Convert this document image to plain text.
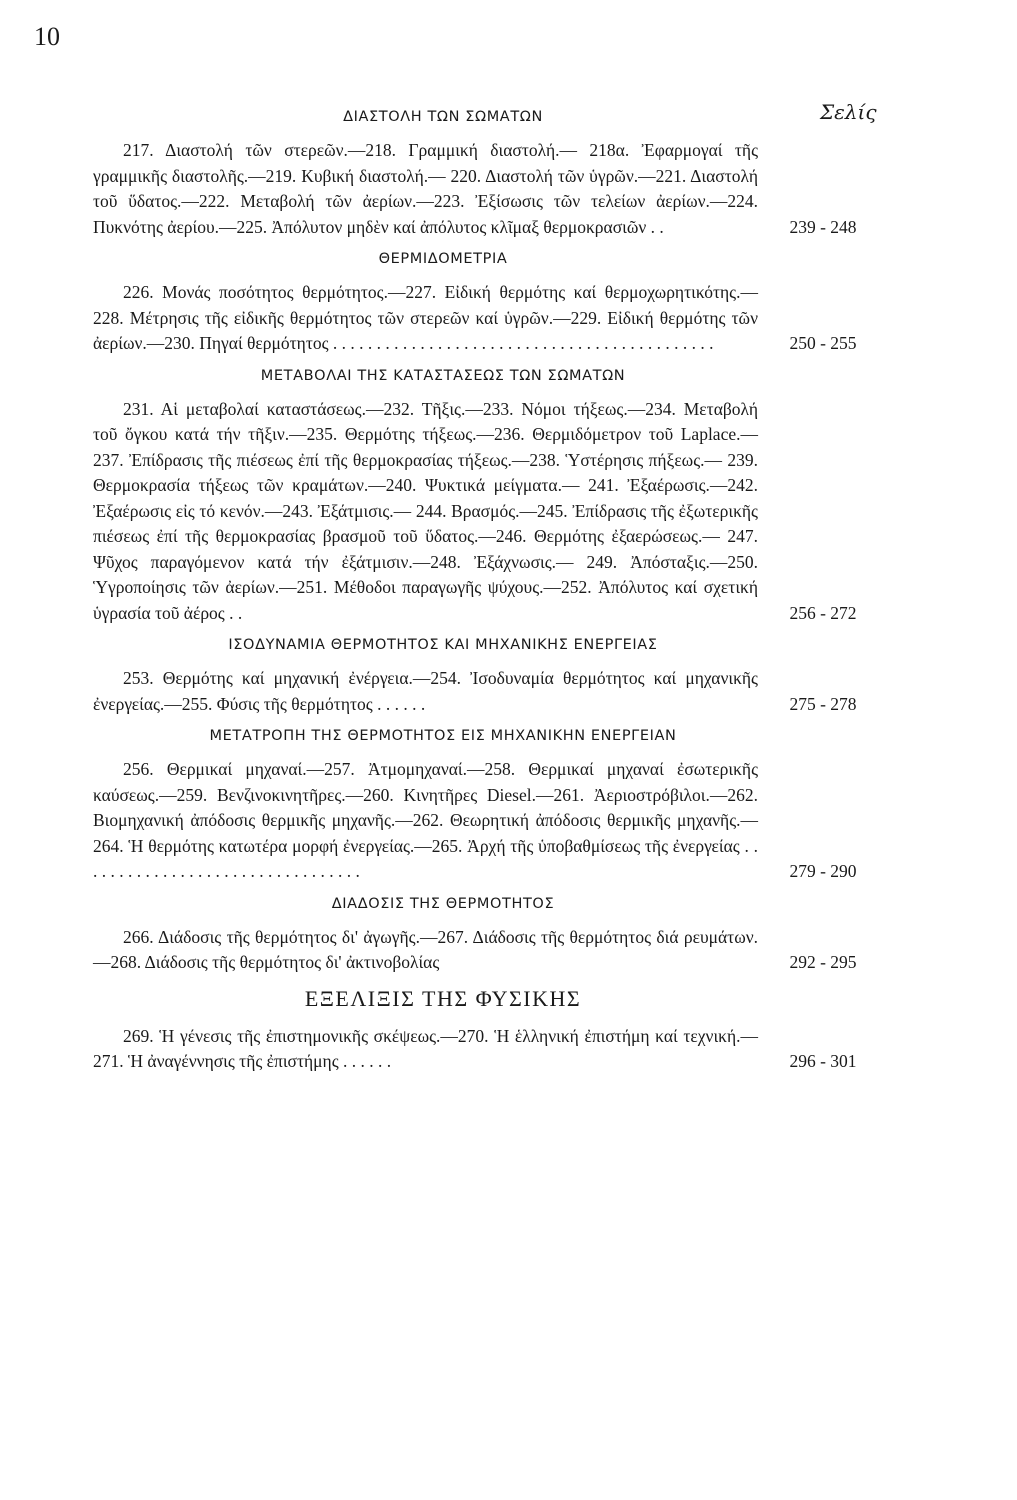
10
Σελίς
ΔΙΑΣΤΟΛΗ ΤΩΝ ΣΩΜΑΤΩΝ
217. Διαστολή τῶν στερεῶν.—218. Γραμμική διαστολή.— 218α. Ἐφαρμογαί τῆς γραμμικῆς διαστολῆς.—219. Κυβική διαστολή.— 220. Διαστολή τῶν ὑγρῶν.—221. Διαστολή τοῦ ὕδατος.—222. Μεταβολή τῶν ἀερίων.—223. Ἐξίσωσις τῶν τελείων ἀερίων.—224. Πυκνότης ἀερίου.—225. Ἀπόλυτον μηδὲν καί ἀπόλυτος κλῖμαξ θερμοκρασιῶν . .	239 - 248
ΘΕΡΜΙΔΟΜΕΤΡΙΑ
226. Μονάς ποσότητος θερμότητος.—227. Εἰδική θερμότης καί θερμοχωρητικότης.—228. Μέτρησις τῆς εἰδικῆς θερμότητος τῶν στερεῶν καί ὑγρῶν.—229. Εἰδική θερμότης τῶν ἀερίων.—230. Πηγαί θερμότητος . . . . . . . . . . . . . . . . . . . . . . . . . . . . . . . . . . . . . . . . . . . .	250 - 255
ΜΕΤΑΒΟΛΑΙ ΤΗΣ ΚΑΤΑΣΤΑΣΕΩΣ ΤΩΝ ΣΩΜΑΤΩΝ
231. Αἱ μεταβολαί καταστάσεως.—232. Τῆξις.—233. Νόμοι τήξεως.—234. Μεταβολή τοῦ ὄγκου κατά τήν τῆξιν.—235. Θερμότης τήξεως.—236. Θερμιδόμετρον τοῦ Laplace.—237. Ἐπίδρασις τῆς πιέσεως ἐπί τῆς θερμοκρασίας τήξεως.—238. Ὑστέρησις πήξεως.— 239. Θερμοκρασία τήξεως τῶν κραμάτων.—240. Ψυκτικά μείγματα.— 241. Ἐξαέρωσις.—242. Ἐξαέρωσις εἰς τό κενόν.—243. Ἐξάτμισις.— 244. Βρασμός.—245. Ἐπίδρασις τῆς ἐξωτερικῆς πιέσεως ἐπί τῆς θερμοκρασίας βρασμοῦ τοῦ ὕδατος.—246. Θερμότης ἐξαερώσεως.— 247. Ψῦχος παραγόμενον κατά τήν ἐξάτμισιν.—248. Ἐξάχνωσις.— 249. Ἀπόσταξις.—250. Ὑγροποίησις τῶν ἀερίων.—251. Μέθοδοι παραγωγῆς ψύχους.—252. Ἀπόλυτος καί σχετική ὑγρασία τοῦ ἀέρος . .	256 - 272
ΙΣΟΔΥΝΑΜΙΑ ΘΕΡΜΟΤΗΤΟΣ ΚΑΙ ΜΗΧΑΝΙΚΗΣ ΕΝΕΡΓΕΙΑΣ
253. Θερμότης καί μηχανική ἐνέργεια.—254. Ἰσοδυναμία θερμότητος καί μηχανικῆς ἐνεργείας.—255. Φύσις τῆς θερμότητος . . . . . .	275 - 278
ΜΕΤΑΤΡΟΠΗ ΤΗΣ ΘΕΡΜΟΤΗΤΟΣ ΕΙΣ ΜΗΧΑΝΙΚΗΝ ΕΝΕΡΓΕΙΑΝ
256. Θερμικαί μηχαναί.—257. Ἀτμομηχαναί.—258. Θερμικαί μηχαναί ἐσωτερικῆς καύσεως.—259. Βενζινοκινητῆρες.—260. Κινητῆρες Diesel.—261. Ἀεριοστρόβιλοι.—262. Βιομηχανική ἀπόδοσις θερμικῆς μηχανῆς.—262. Θεωρητική ἀπόδοσις θερμικῆς μηχανῆς.— 264. Ἡ θερμότης κατωτέρα μορφή ἐνεργείας.—265. Ἀρχή τῆς ὑποβαθμίσεως τῆς ἐνεργείας . . . . . . . . . . . . . . . . . . . . . . . . . . . . . . . . .	279 - 290
ΔΙΑΔΟΣΙΣ ΤΗΣ ΘΕΡΜΟΤΗΤΟΣ
266. Διάδοσις τῆς θερμότητος δι' ἀγωγῆς.—267. Διάδοσις τῆς θερμότητος διά ρευμάτων.—268. Διάδοσις τῆς θερμότητος δι' ἀκτινοβολίας	292 - 295
ΕΞΕΛΙΞΙΣ ΤΗΣ ΦΥΣΙΚΗΣ
269. Ἡ γένεσις τῆς ἐπιστημονικῆς σκέψεως.—270. Ἡ ἑλληνική ἐπιστήμη καί τεχνική.—271. Ἡ ἀναγέννησις τῆς ἐπιστήμης . . . . . .	296 - 301
